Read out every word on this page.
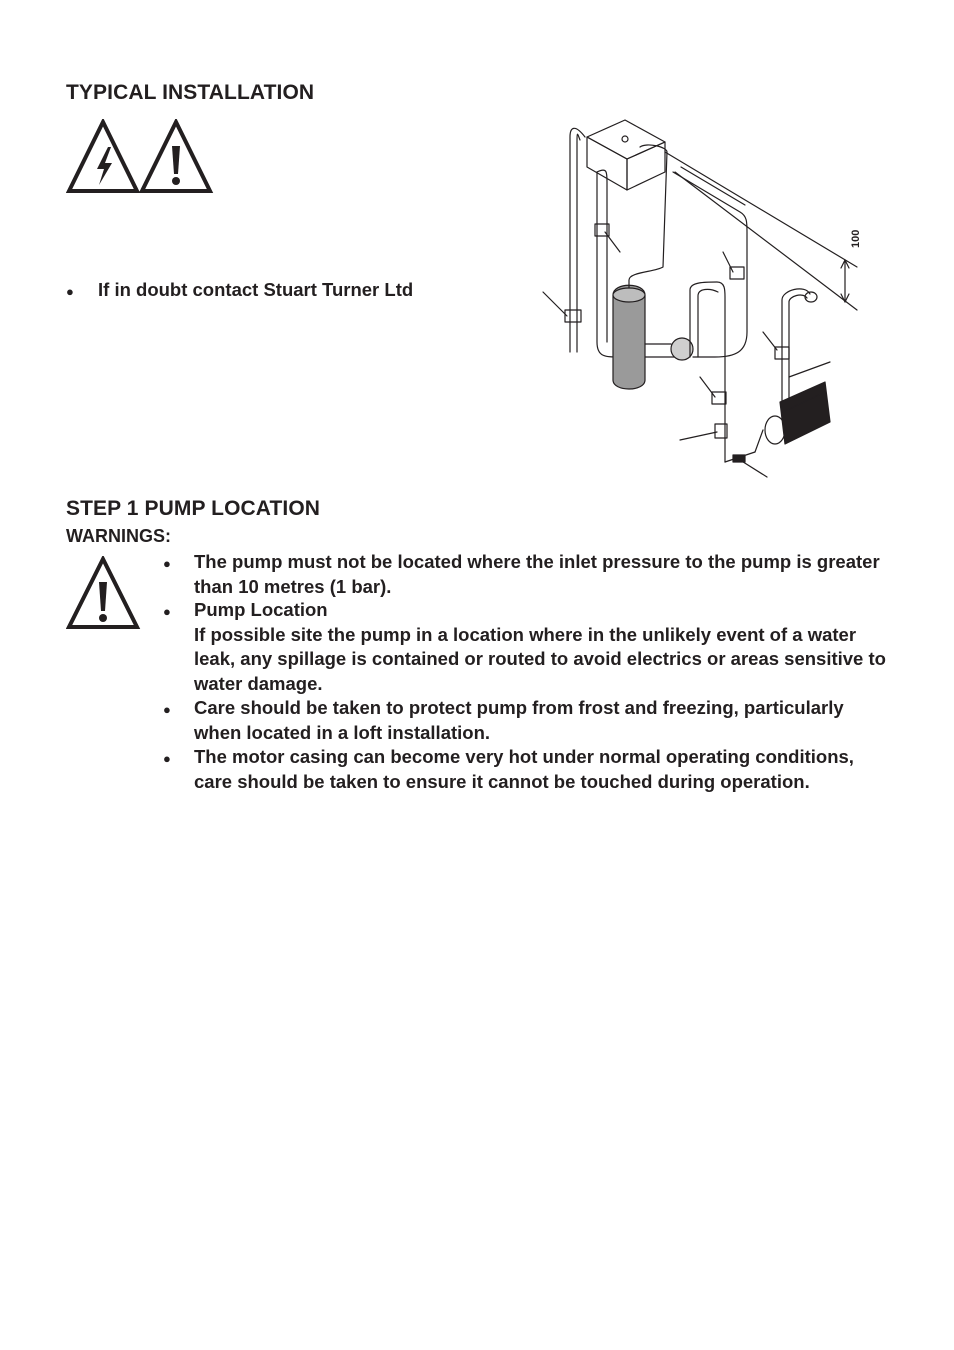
TYPICAL INSTALLATION
● If in doubt contact Stuart Turner Ltd
100
STEP 1 PUMP LOCATION
WARNINGS:
● The pump must not be located where the inlet pressure to the pump is greater than 10 metres (1 bar).
● Pump Location
If possible site the pump in a location where in the unlikely event of a water leak, any spillage is contained or routed to avoid electrics or areas sensitive to water damage.
● Care should be taken to protect pump from frost and freezing, particularly when located in a loft installation.
● The motor casing can become very hot under normal operating conditions, care should be taken to ensure it cannot be touched during operation.
